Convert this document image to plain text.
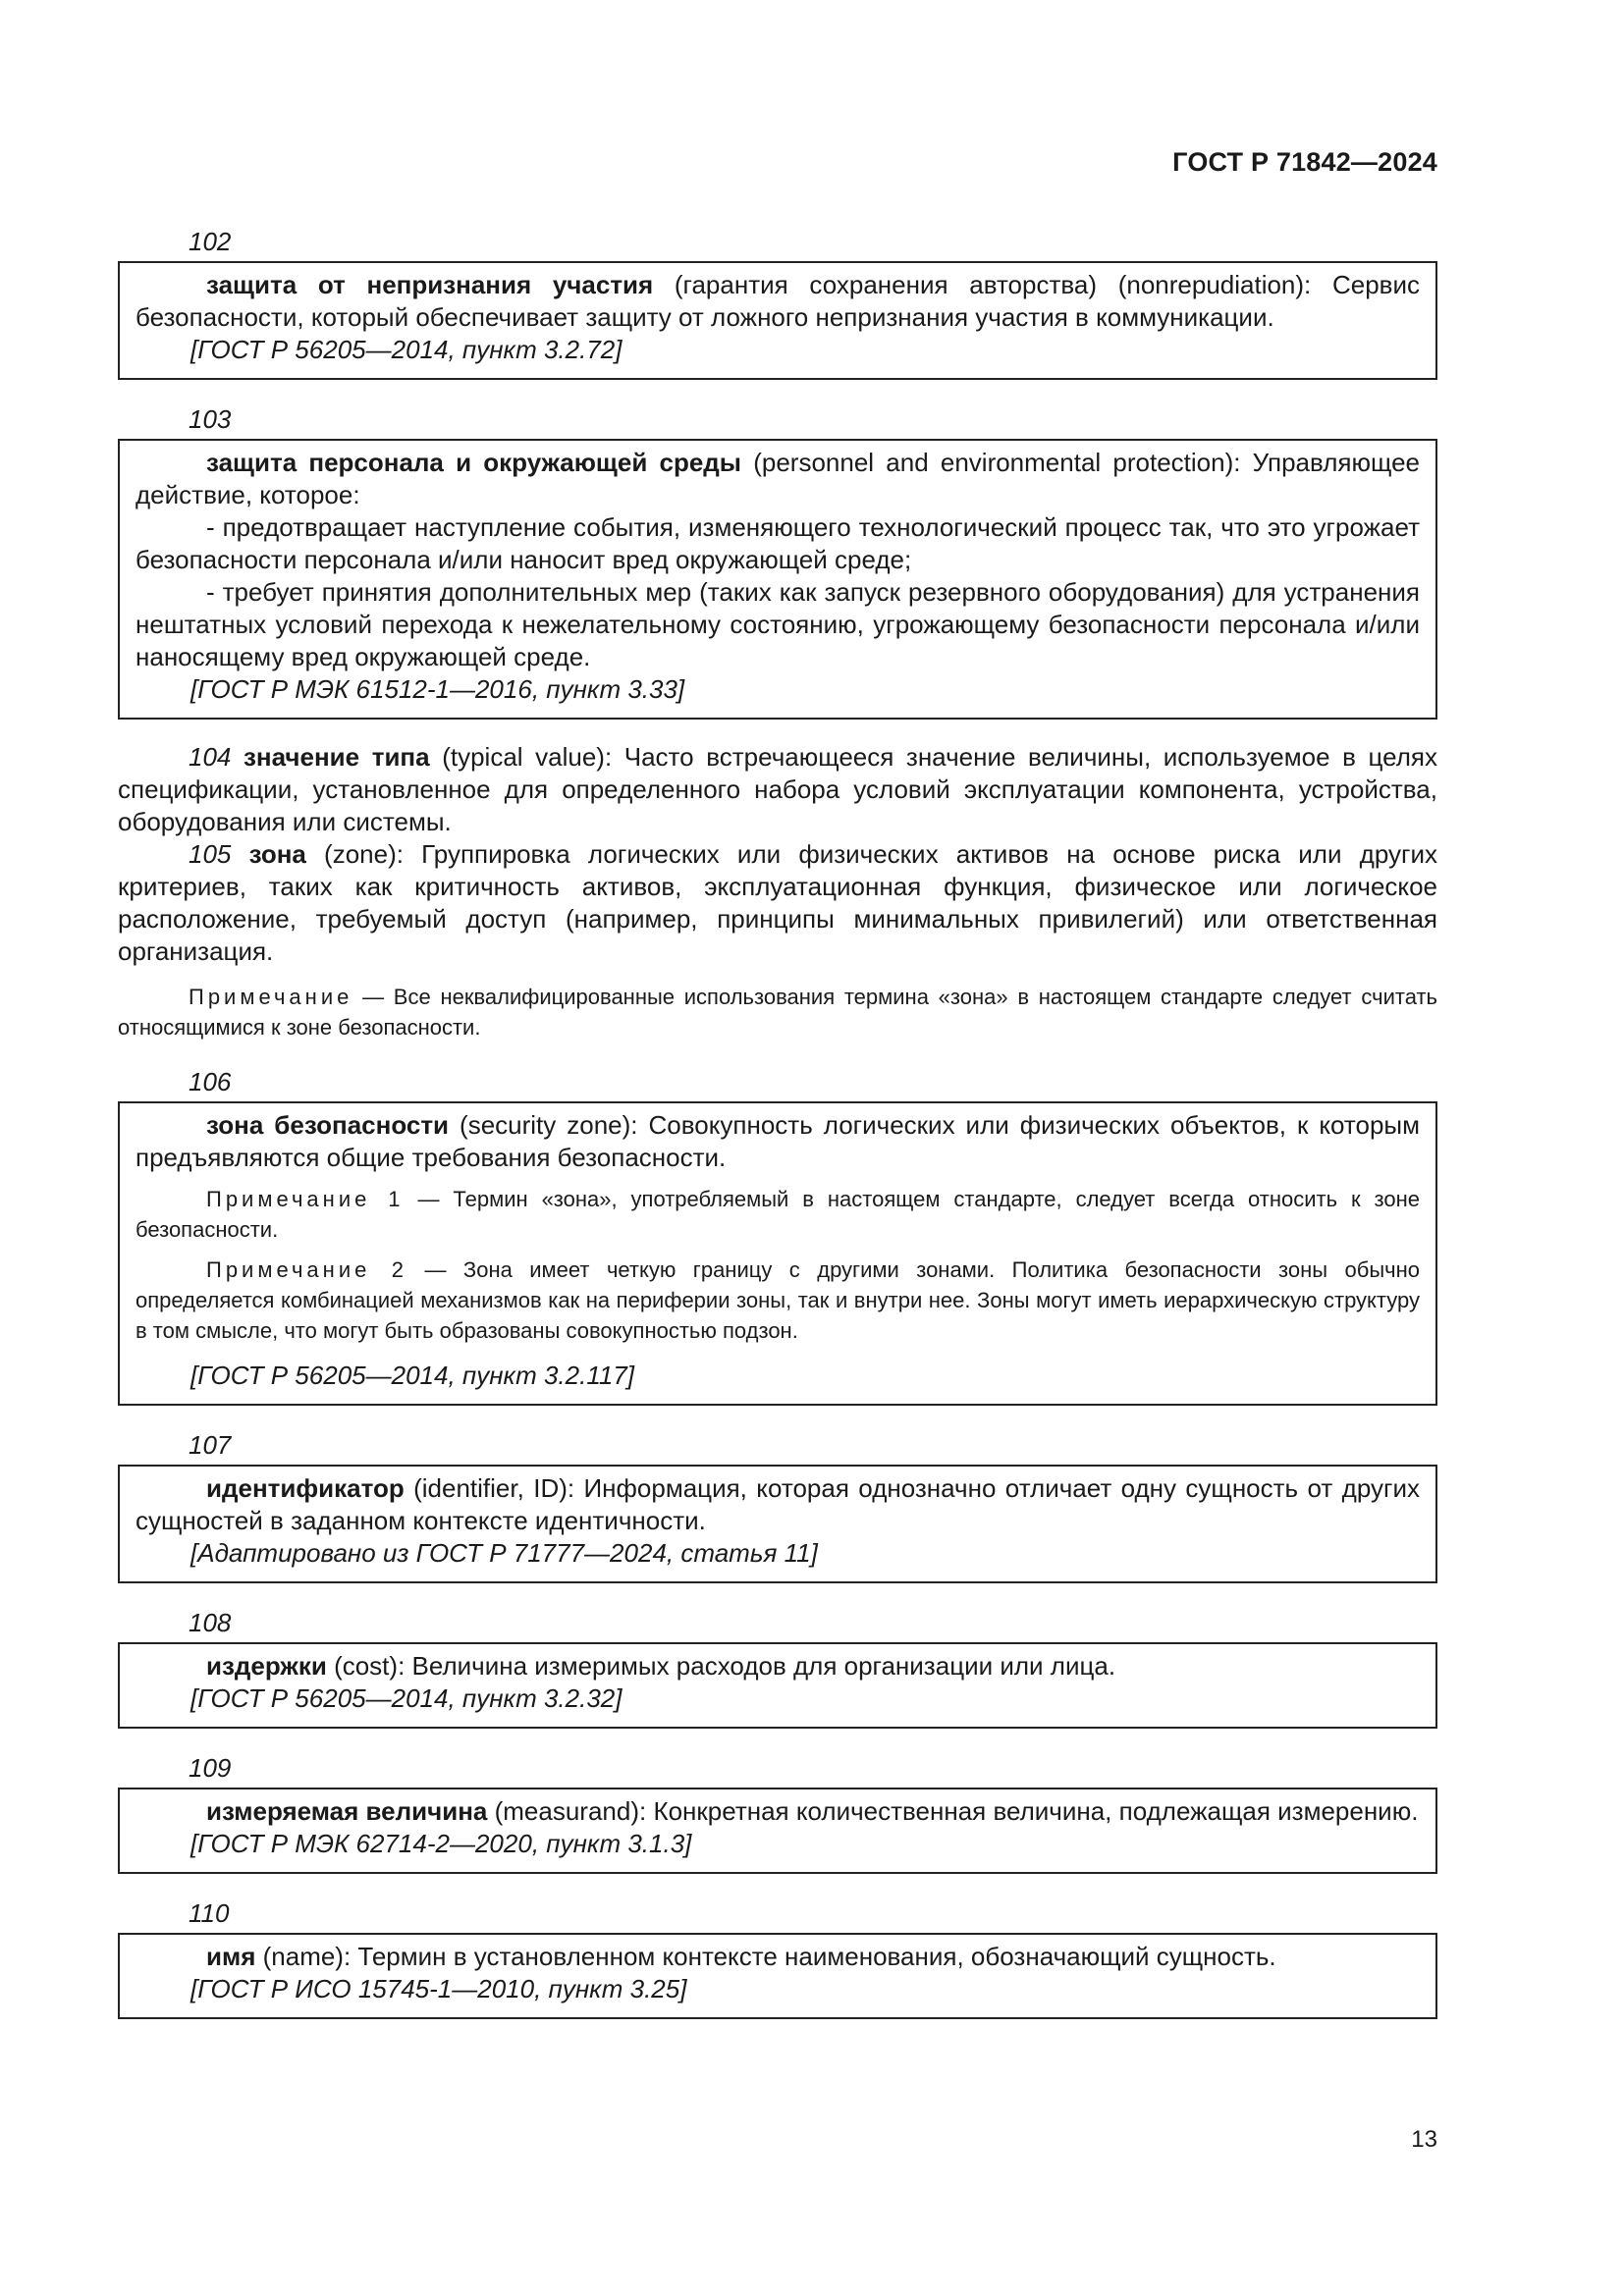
ГОСТ Р 71842—2024
102

защита от непризнания участия (гарантия сохранения авторства) (nonrepudiation): Сервис безопасности, который обеспечивает защиту от ложного непризнания участия в коммуникации.

[ГОСТ Р 56205—2014, пункт 3.2.72]
103

защита персонала и окружающей среды (personnel and environmental protection): Управляющее действие, которое:

- предотвращает наступление события, изменяющего технологический процесс так, что это угрожает безопасности персонала и/или наносит вред окружающей среде;

- требует принятия дополнительных мер (таких как запуск резервного оборудования) для устранения нештатных условий перехода к нежелательному состоянию, угрожающему безопасности персонала и/или наносящему вред окружающей среде.

[ГОСТ Р МЭК 61512-1—2016, пункт 3.33]

104 значение типа (typical value): Часто встречающееся значение величины, используемое в целях спецификации, установленное для определенного набора условий эксплуатации компонента, устройства, оборудования или системы.

105 зона (zone): Группировка логических или физических активов на основе риска или других критериев, таких как критичность активов, эксплуатационная функция, физическое или логическое расположение, требуемый доступ (например, принципы минимальных привилегий) или ответственная организация.

Примечание — Все неквалифицированные использования термина «зона» в настоящем стандарте следует считать относящимися к зоне безопасности.

106

зона безопасности (security zone): Совокупность логических или физических объектов, к которым предъявляются общие требования безопасности.

Примечание 1 — Термин «зона», употребляемый в настоящем стандарте, следует всегда относить к зоне безопасности.

Примечание 2 — Зона имеет четкую границу с другими зонами. Политика безопасности зоны обычно определяется комбинацией механизмов как на периферии зоны, так и внутри нее. Зоны могут иметь иерархическую структуру в том смысле, что могут быть образованы совокупностью подзон.

[ГОСТ Р 56205—2014, пункт 3.2.117]
107

идентификатор (identifier, ID): Информация, которая однозначно отличает одну сущность от других сущностей в заданном контексте идентичности.

[Адаптировано из ГОСТ Р 71777—2024, статья 11]
108

издержки (cost): Величина измеримых расходов для организации или лица.

[ГОСТ Р 56205—2014, пункт 3.2.32]
109

измеряемая величина (measurand): Конкретная количественная величина, подлежащая измерению.

[ГОСТ Р МЭК 62714-2—2020, пункт 3.1.3]
110

имя (name): Термин в установленном контексте наименования, обозначающий сущность.

[ГОСТ Р ИСО 15745-1—2010, пункт 3.25]
13
